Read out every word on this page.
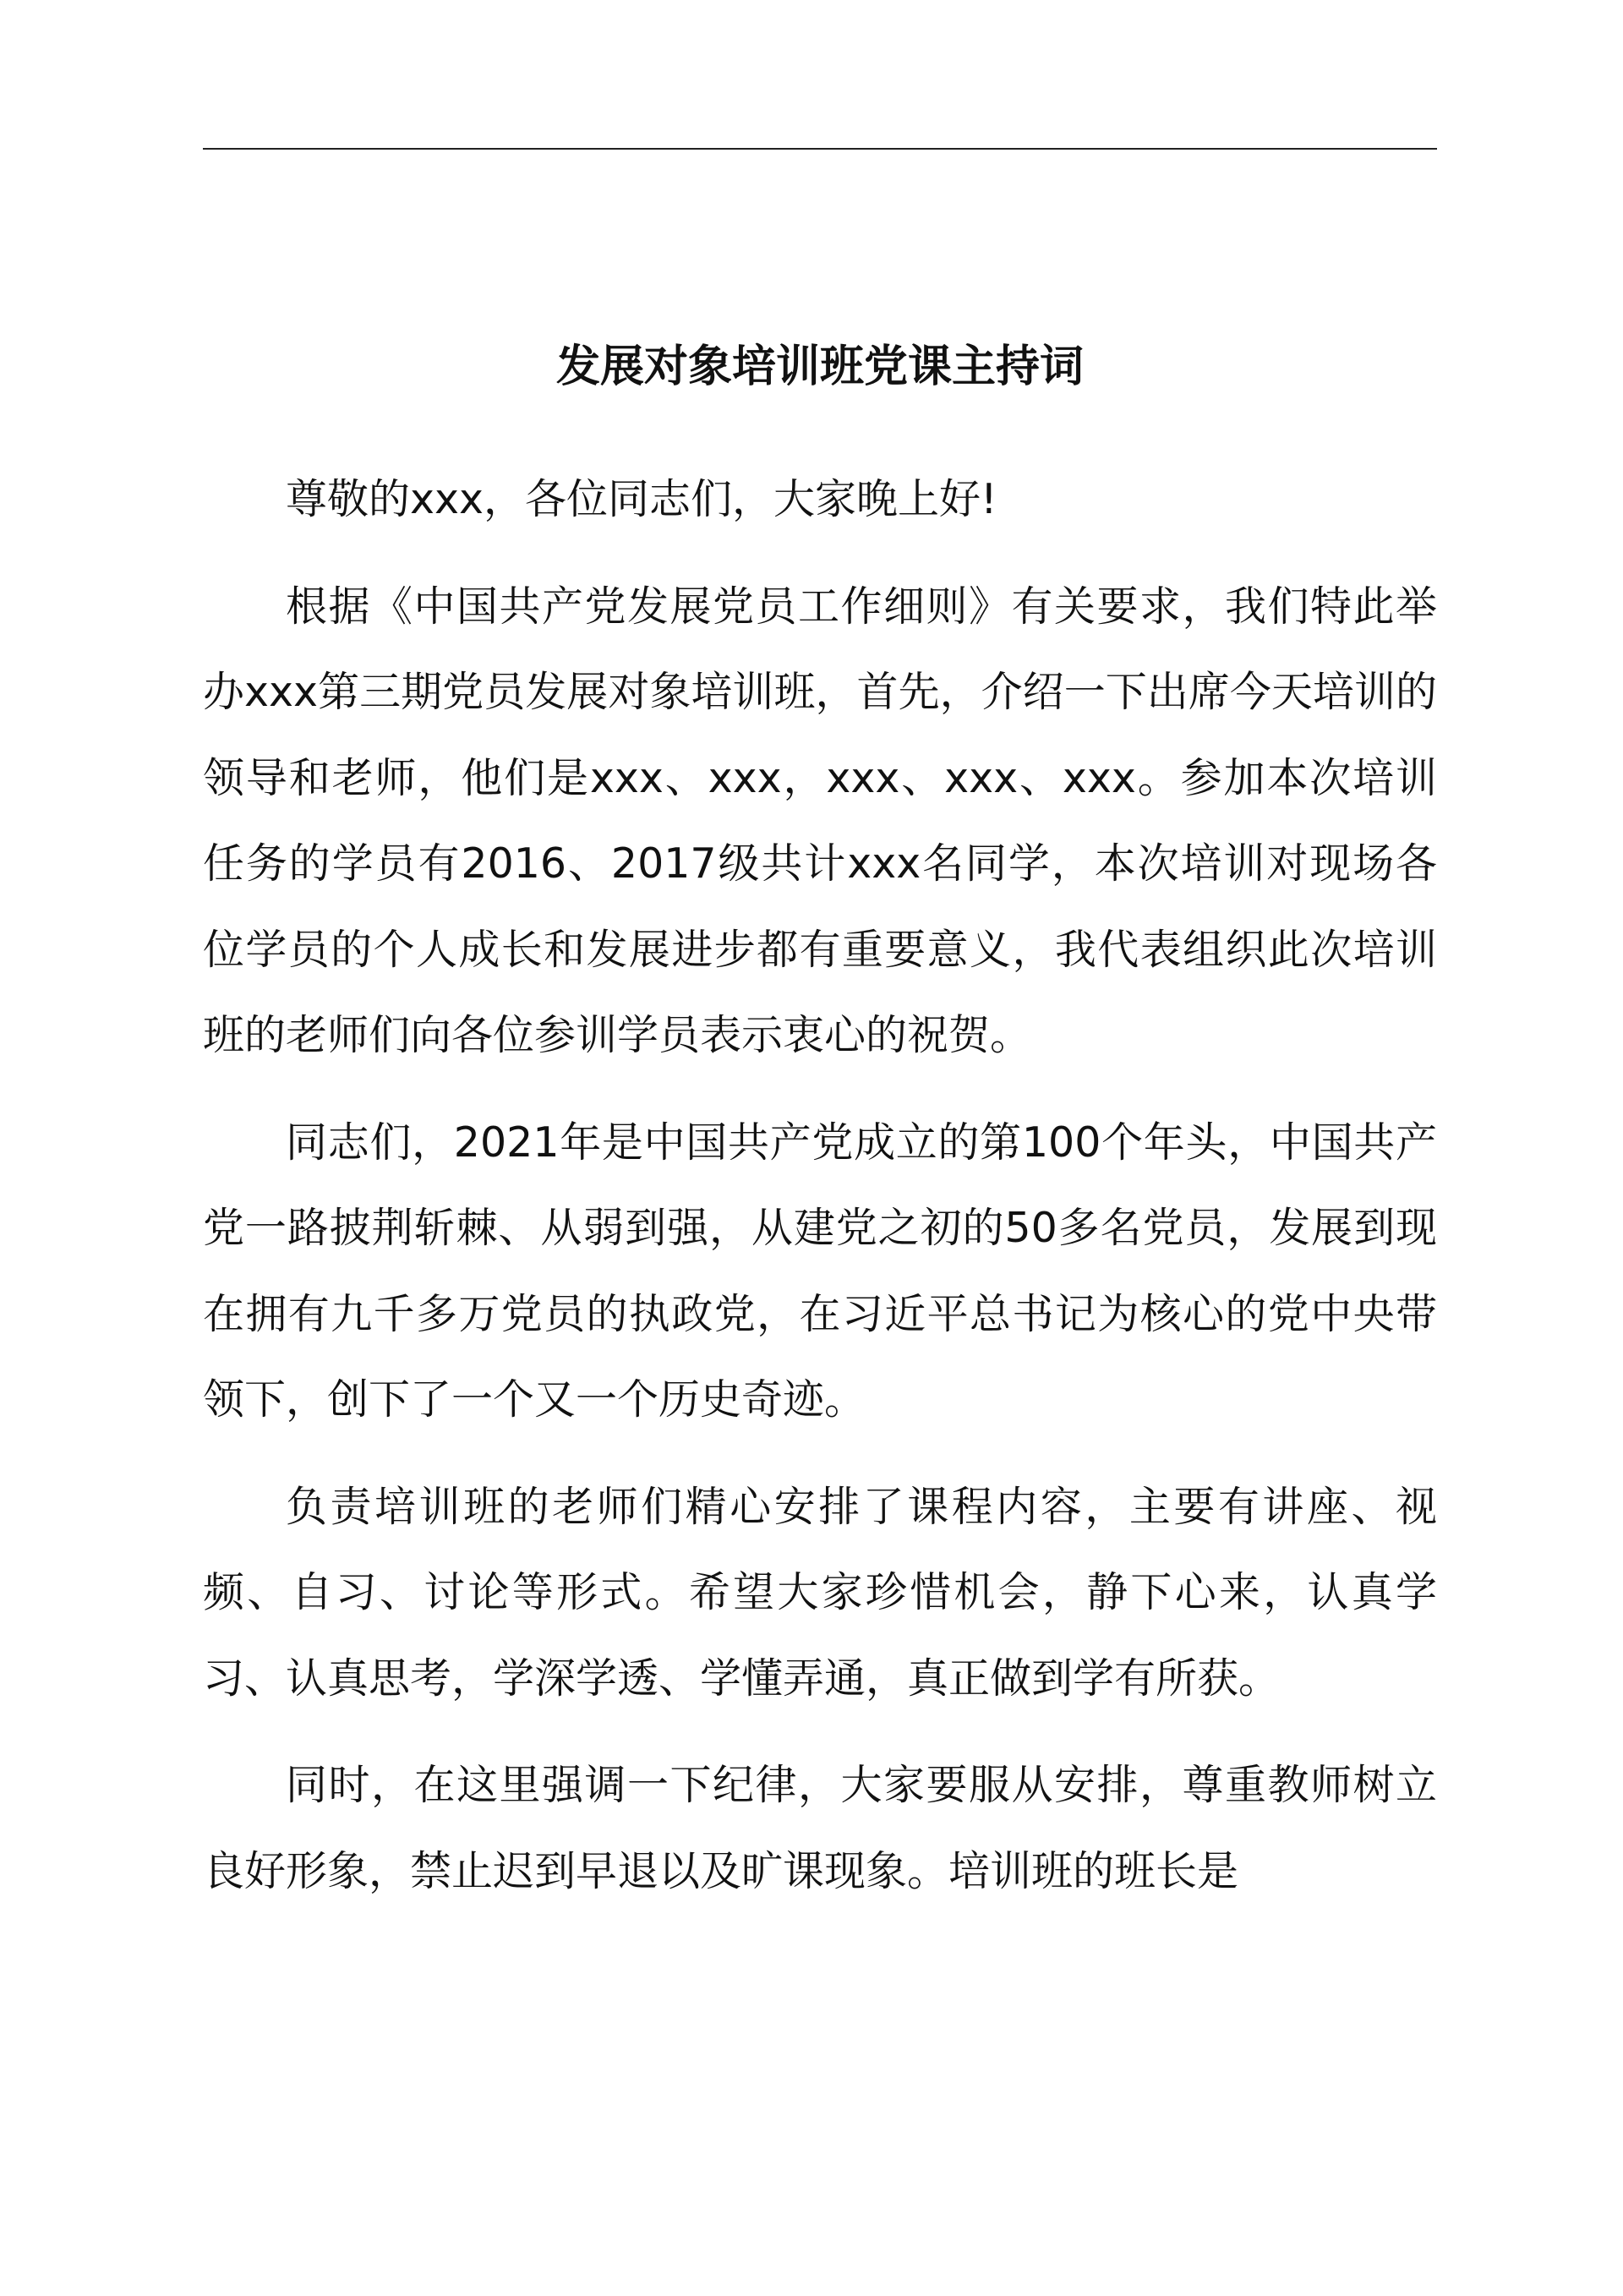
发展对象培训班党课主持词

尊敬的xxx，各位同志们，大家晚上好!

根据《中国共产党发展党员工作细则》有关要求，我们特此举办xxx第三期党员发展对象培训班，首先，介绍一下出席今天培训的领导和老师，他们是xxx、xxx，xxx、xxx、xxx。参加本次培训任务的学员有2016、2017级共计xxx名同学，本次培训对现场各位学员的个人成长和发展进步都有重要意义，我代表组织此次培训班的老师们向各位参训学员表示衷心的祝贺。

同志们，2021年是中国共产党成立的第100个年头，中国共产党一路披荆斩棘、从弱到强，从建党之初的50多名党员，发展到现在拥有九千多万党员的执政党，在习近平总书记为核心的党中央带领下，创下了一个又一个历史奇迹。

负责培训班的老师们精心安排了课程内容，主要有讲座、视频、自习、讨论等形式。希望大家珍惜机会，静下心来，认真学习、认真思考，学深学透、学懂弄通，真正做到学有所获。

同时，在这里强调一下纪律，大家要服从安排，尊重教师树立良好形象，禁止迟到早退以及旷课现象。培训班的班长是
